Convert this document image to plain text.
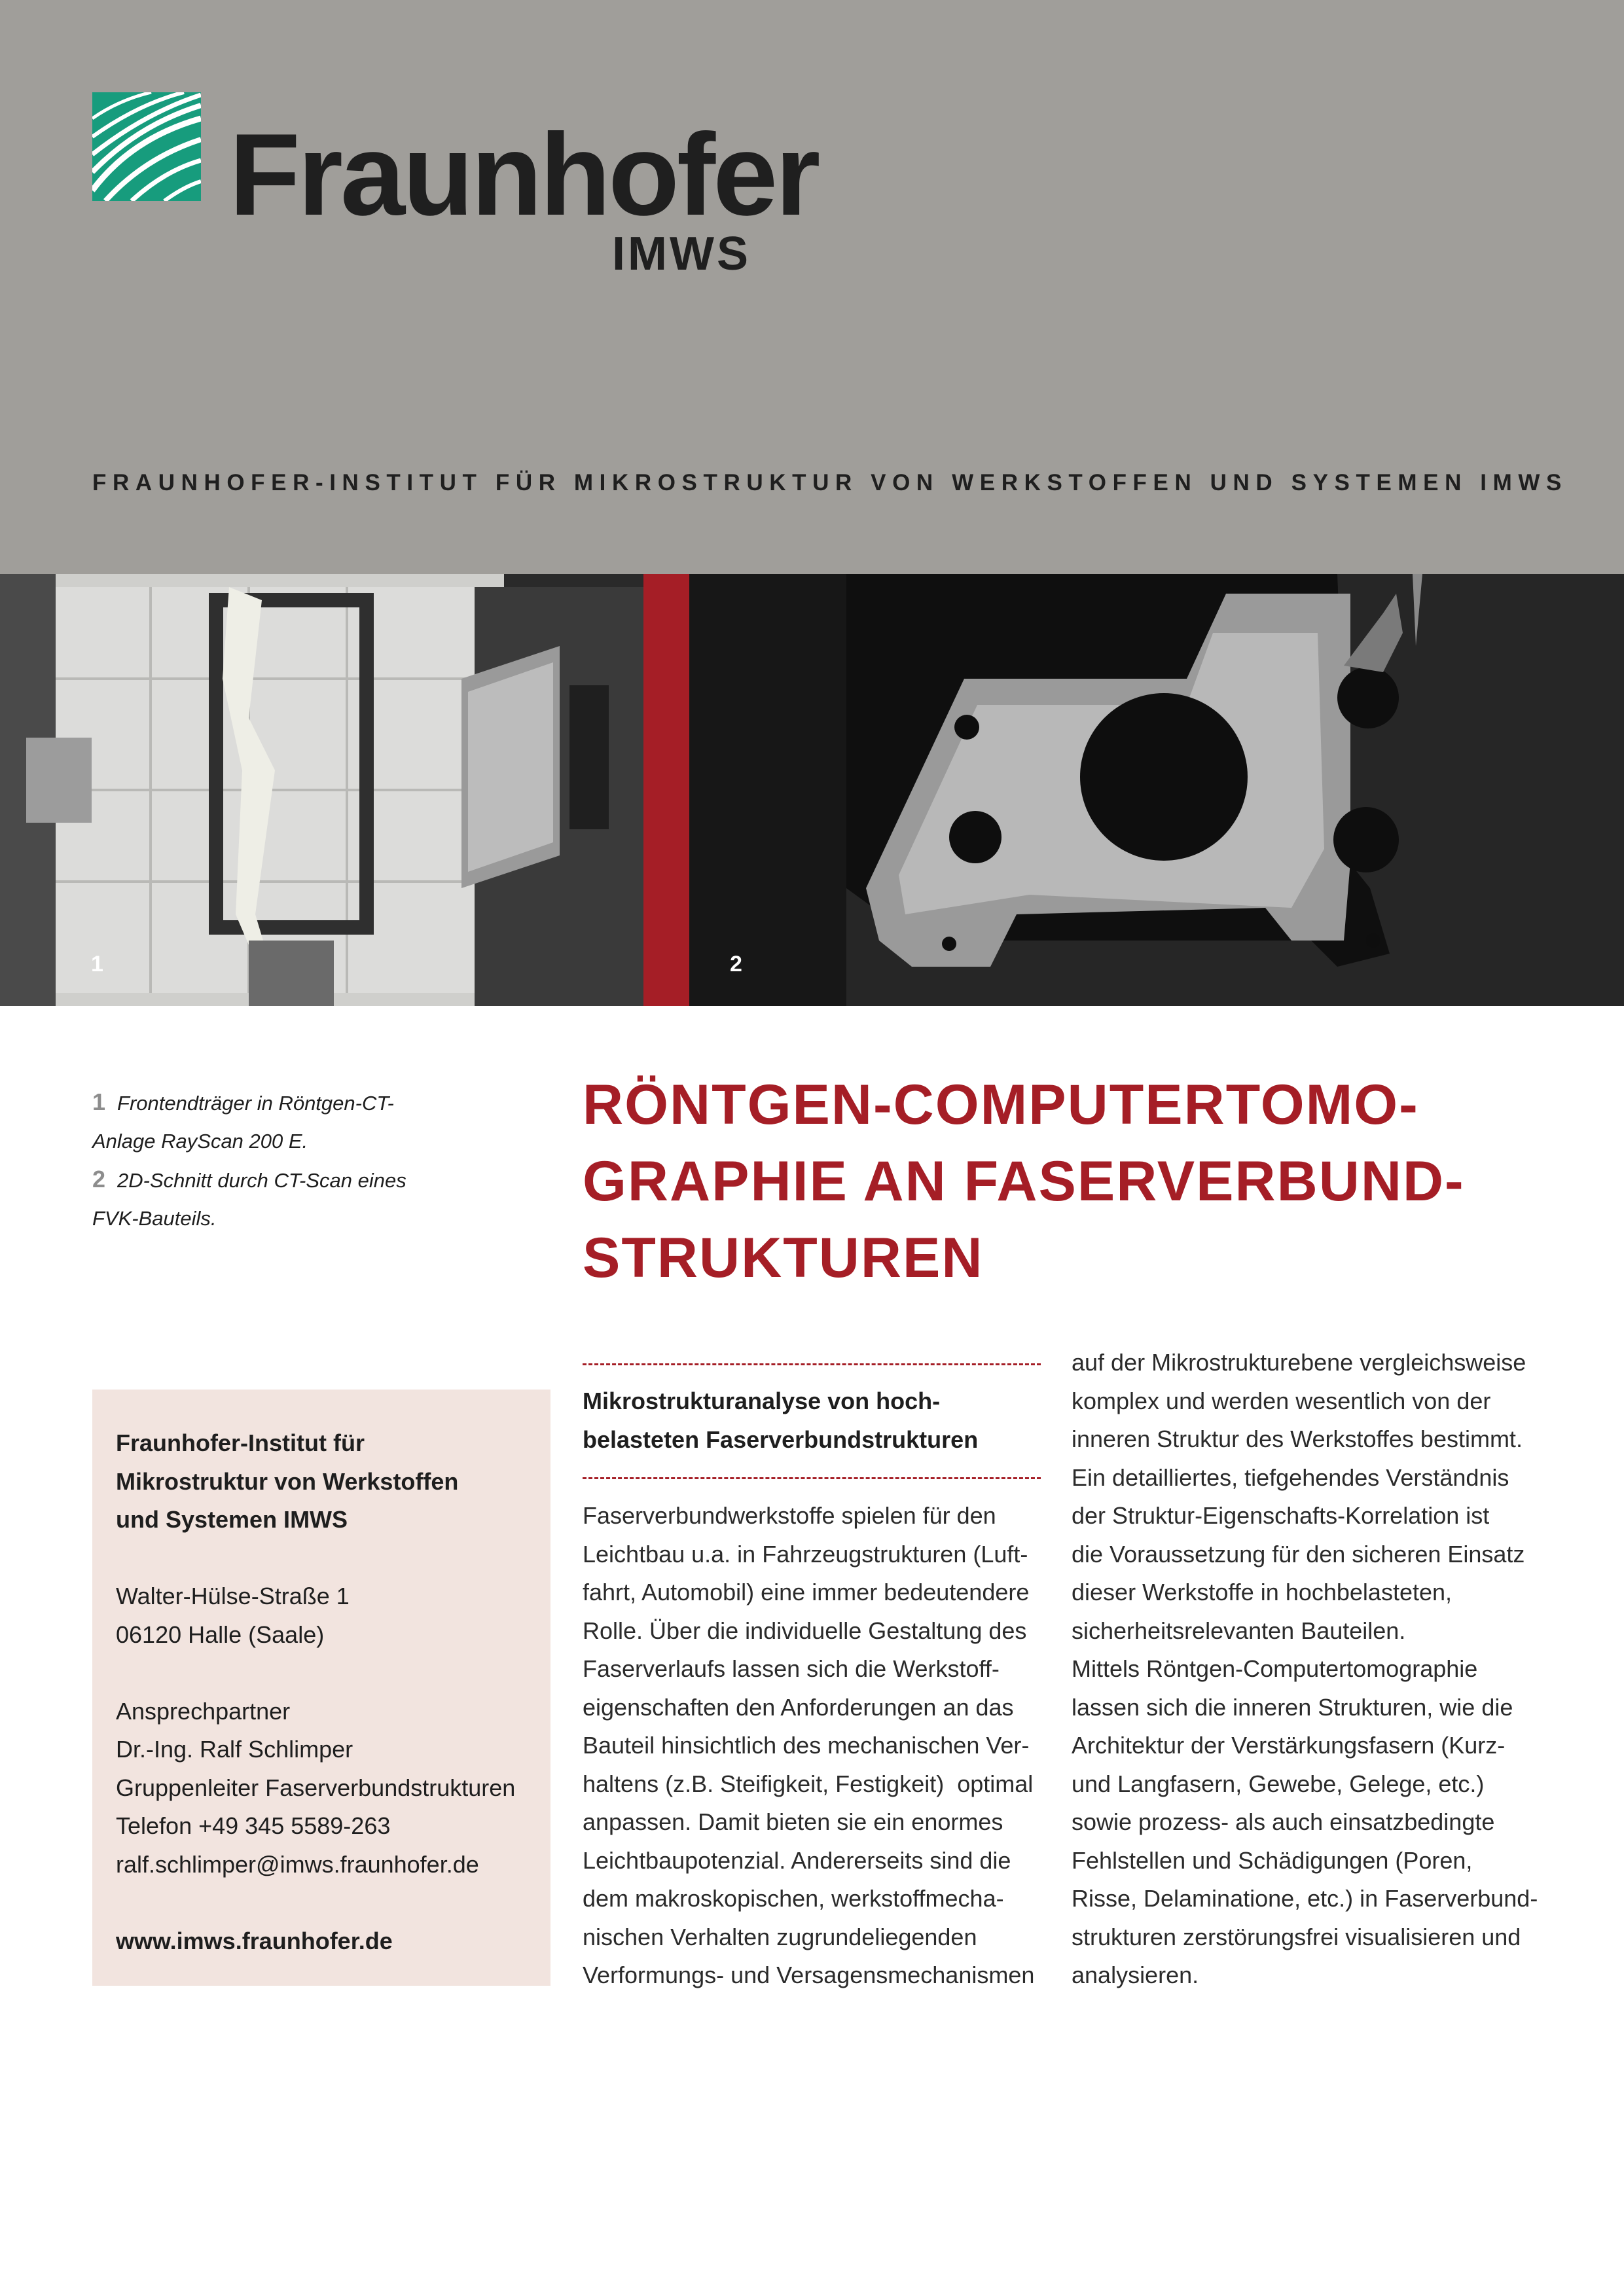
Fraunhofer
IMWS
FRAUNHOFER-INSTITUT FÜR MIKROSTRUKTUR VON WERKSTOFFEN UND SYSTEMEN IMWS
1	2
1 Frontendträger in Röntgen-CT-
Anlage RayScan 200 E.
2 2D-Schnitt durch CT-Scan eines
FVK-Bauteils.
RÖNTGEN-COMPUTERTOMO-
GRAPHIE AN FASERVERBUND-
STRUKTUREN
Fraunhofer-Institut für
Mikrostruktur von Werkstoffen
und Systemen IMWS
Walter-Hülse-Straße 1
06120 Halle (Saale)
Ansprechpartner
Dr.-Ing. Ralf Schlimper
Gruppenleiter Faserverbundstrukturen
Telefon +49 345 5589-263
ralf.schlimper@imws.fraunhofer.de
www.imws.fraunhofer.de
Mikrostrukturanalyse von hoch-
belasteten Faserverbundstrukturen
Faserverbundwerkstoffe spielen für den
Leichtbau u.a. in Fahrzeugstrukturen (Luft-
fahrt, Automobil) eine immer bedeutendere
Rolle. Über die individuelle Gestaltung des
Faserverlaufs lassen sich die Werkstoff-
eigenschaften den Anforderungen an das
Bauteil hinsichtlich des mechanischen Ver-
haltens (z.B. Steifigkeit, Festigkeit)  optimal
anpassen. Damit bieten sie ein enormes
Leichtbaupotenzial. Andererseits sind die
dem makroskopischen, werkstoffmecha-
nischen Verhalten zugrundeliegenden
Verformungs- und Versagensmechanismen
auf der Mikrostrukturebene vergleichsweise
komplex und werden wesentlich von der
inneren Struktur des Werkstoffes bestimmt.
Ein detailliertes, tiefgehendes Verständnis
der Struktur-Eigenschafts-Korrelation ist
die Voraussetzung für den sicheren Einsatz
dieser Werkstoffe in hochbelasteten,
sicherheitsrelevanten Bauteilen.
Mittels Röntgen-Computertomographie
lassen sich die inneren Strukturen, wie die
Architektur der Verstärkungsfasern (Kurz-
und Langfasern, Gewebe, Gelege, etc.)
sowie prozess- als auch einsatzbedingte
Fehlstellen und Schädigungen (Poren,
Risse, Delaminatione, etc.) in Faserverbund-
strukturen zerstörungsfrei visualisieren und
analysieren.
